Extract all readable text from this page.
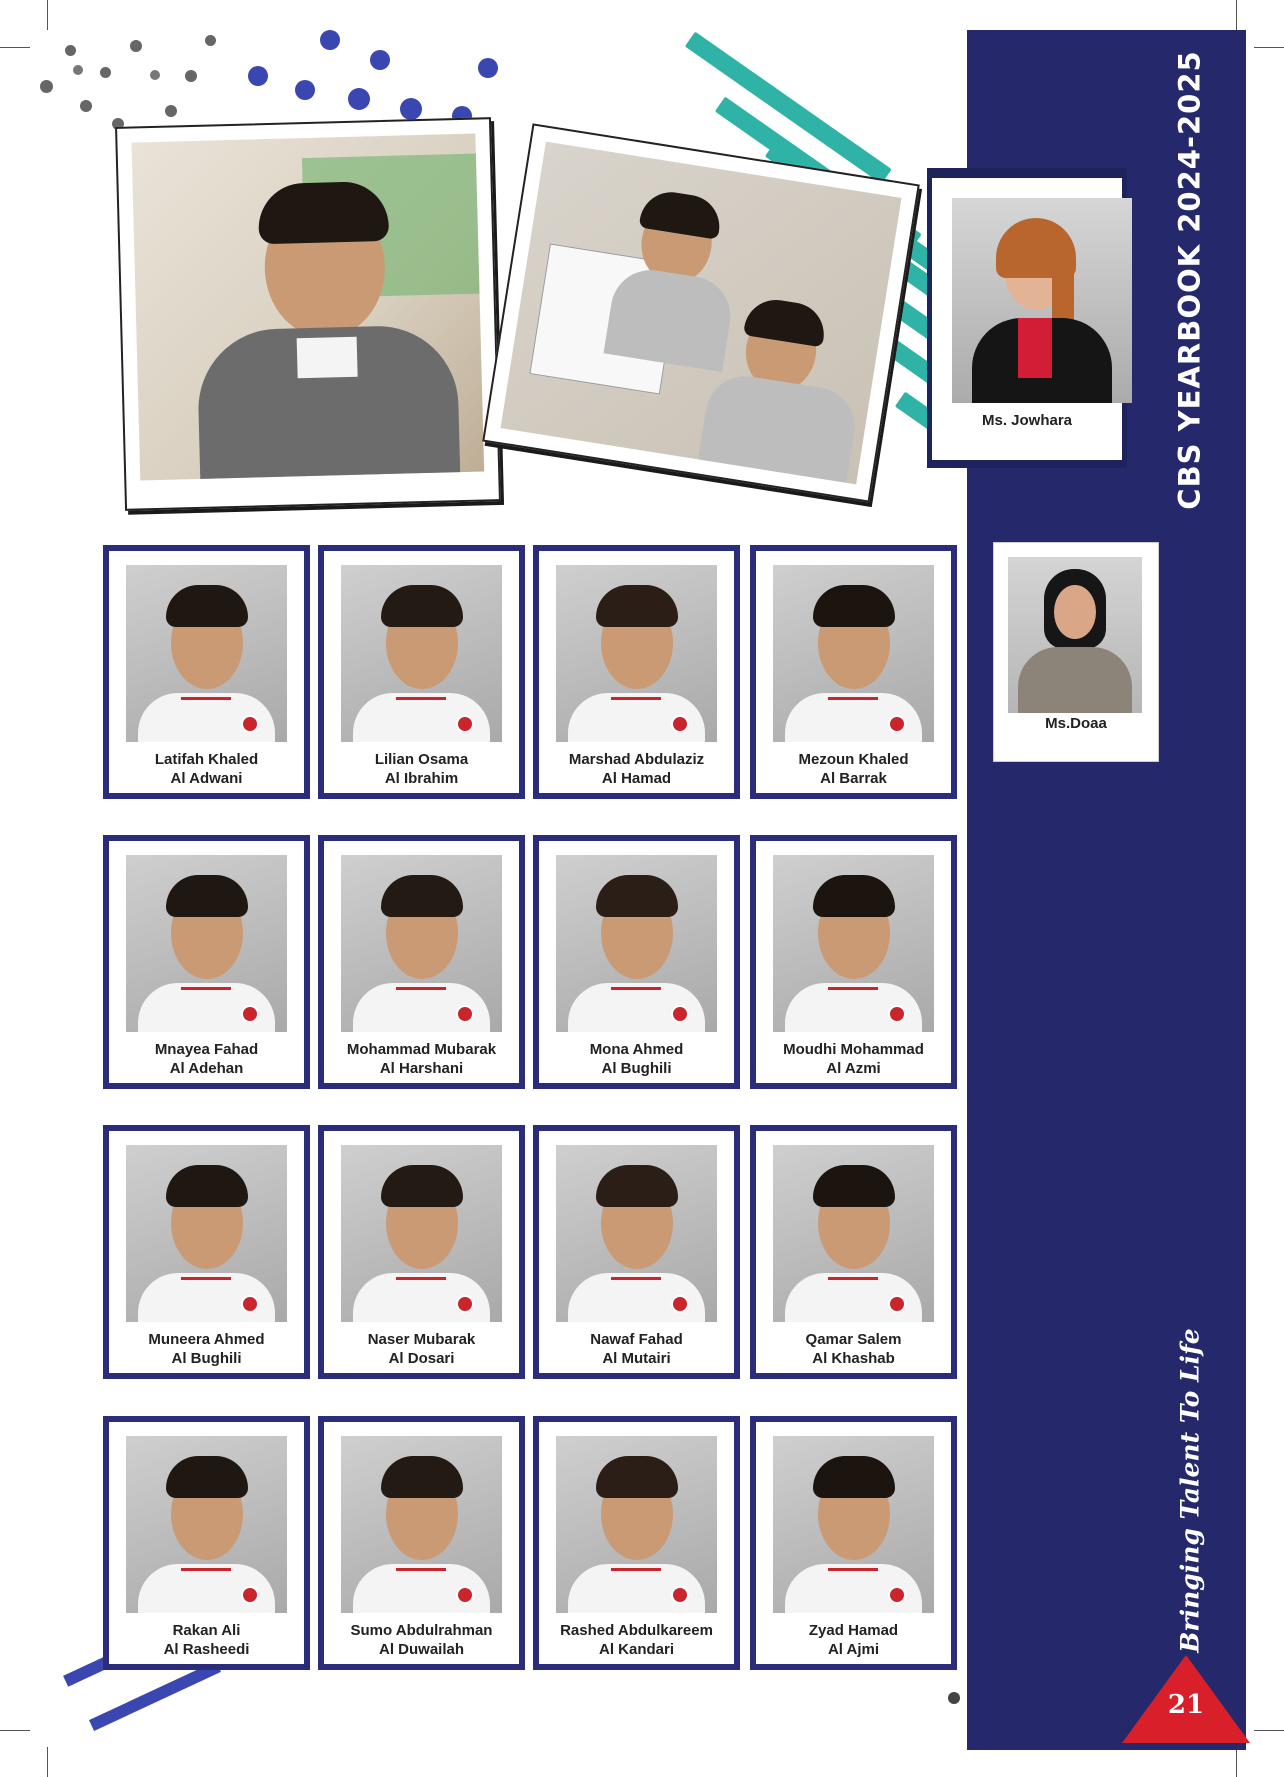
CBS YEARBOOK 2024-2025
Bringing Talent To Life
21
Ms. Jowhara
Ms.Doaa
Latifah Khaled
Al Adwani
Lilian Osama
Al Ibrahim
Marshad Abdulaziz
Al Hamad
Mezoun Khaled
Al Barrak
Mnayea Fahad
Al Adehan
Mohammad Mubarak
Al Harshani
Mona Ahmed
Al Bughili
Moudhi Mohammad
Al Azmi
Muneera Ahmed
Al Bughili
Naser Mubarak
Al Dosari
Nawaf Fahad
Al Mutairi
Qamar Salem
Al Khashab
Rakan Ali
Al Rasheedi
Sumo Abdulrahman
Al Duwailah
Rashed Abdulkareem
Al Kandari
Zyad Hamad
Al Ajmi
